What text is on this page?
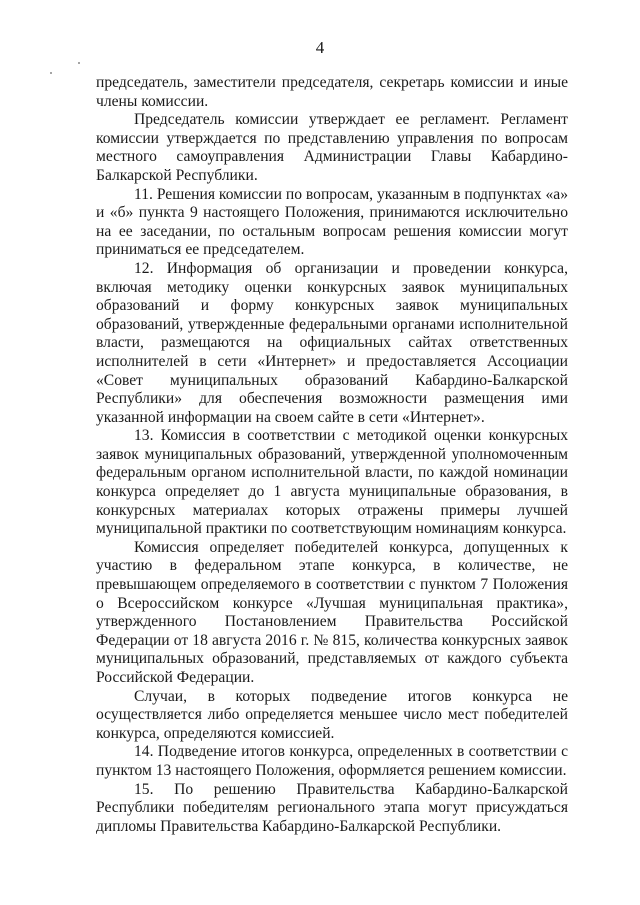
4

председатель, заместители председателя, секретарь комиссии и иные члены комиссии.

Председатель комиссии утверждает ее регламент. Регламент комиссии утверждается по представлению управления по вопросам местного самоуправления Администрации Главы Кабардино-Балкарской Республики.

11. Решения комиссии по вопросам, указанным в подпунктах «а» и «б» пункта 9 настоящего Положения, принимаются исключительно на ее заседании, по остальным вопросам решения комиссии могут приниматься ее председателем.

12. Информация об организации и проведении конкурса, включая методику оценки конкурсных заявок муниципальных образований и форму конкурсных заявок муниципальных образований, утвержденные федеральными органами исполнительной власти, размещаются на официальных сайтах ответственных исполнителей в сети «Интернет» и предоставляется Ассоциации «Совет муниципальных образований Кабардино-Балкарской Республики» для обеспечения возможности размещения ими указанной информации на своем сайте в сети «Интернет».

13. Комиссия в соответствии с методикой оценки конкурсных заявок муниципальных образований, утвержденной уполномоченным федеральным органом исполнительной власти, по каждой номинации конкурса определяет до 1 августа муниципальные образования, в конкурсных материалах которых отражены примеры лучшей муниципальной практики по соответствующим номинациям конкурса.

Комиссия определяет победителей конкурса, допущенных к участию в федеральном этапе конкурса, в количестве, не превышающем определяемого в соответствии с пунктом 7 Положения о Всероссийском конкурсе «Лучшая муниципальная практика», утвержденного Постановлением Правительства Российской Федерации от 18 августа 2016 г. № 815, количества конкурсных заявок муниципальных образований, представляемых от каждого субъекта Российской Федерации.

Случаи, в которых подведение итогов конкурса не осуществляется либо определяется меньшее число мест победителей конкурса, определяются комиссией.

14. Подведение итогов конкурса, определенных в соответствии с пунктом 13 настоящего Положения, оформляется решением комиссии.

15. По решению Правительства Кабардино-Балкарской Республики победителям регионального этапа могут присуждаться дипломы Правительства Кабардино-Балкарской Республики.
